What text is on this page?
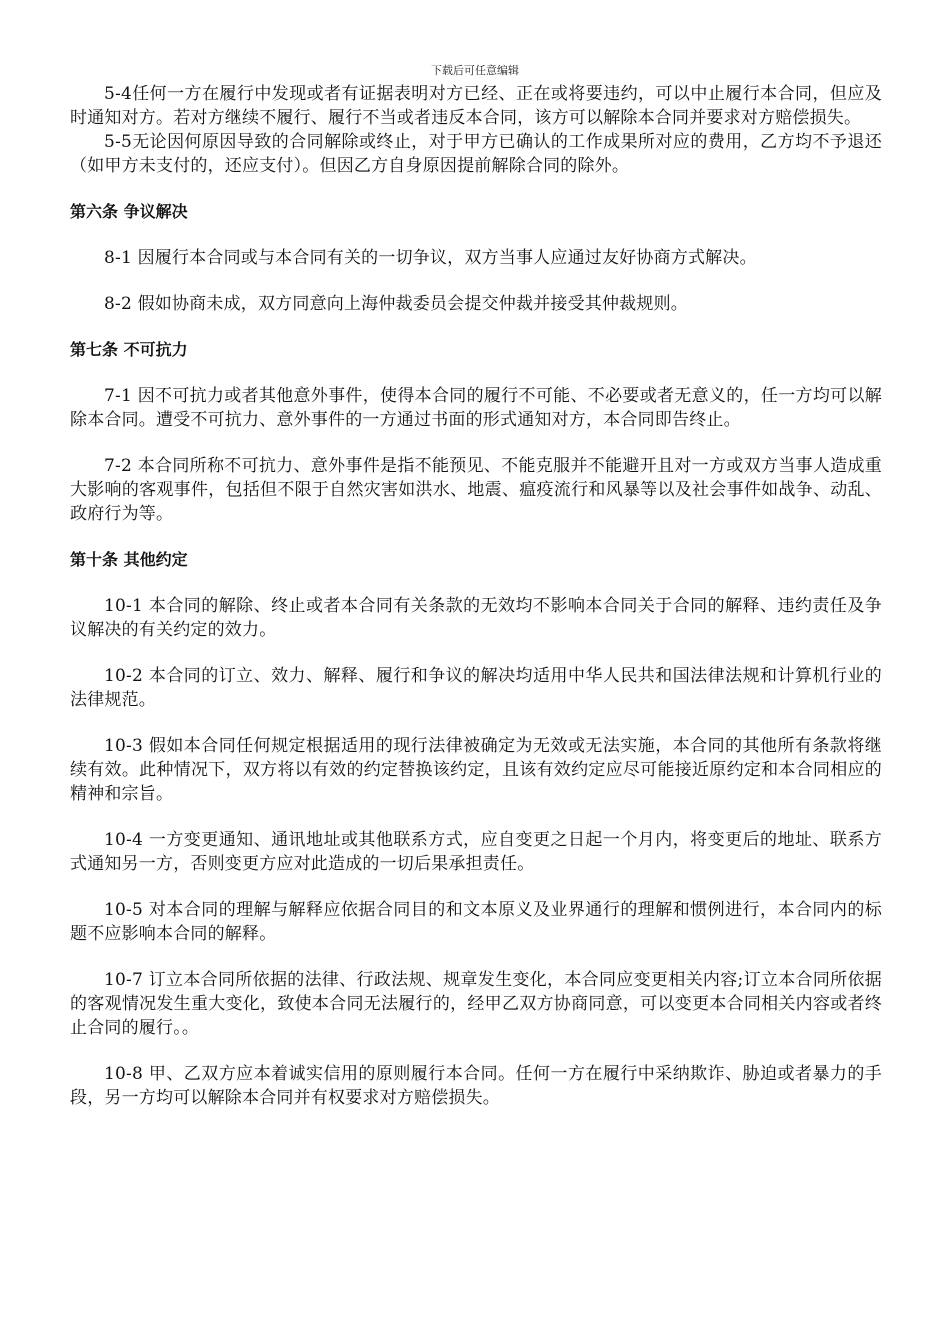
下载后可任意编辑

5-4任何一方在履行中发现或者有证据表明对方已经、正在或将要违约，可以中止履行本合同，但应及时通知对方。若对方继续不履行、履行不当或者违反本合同，该方可以解除本合同并要求对方赔偿损失。

5-5无论因何原因导致的合同解除或终止，对于甲方已确认的工作成果所对应的费用，乙方均不予退还（如甲方未支付的，还应支付）。但因乙方自身原因提前解除合同的除外。

第六条 争议解决

8-1 因履行本合同或与本合同有关的一切争议，双方当事人应通过友好协商方式解决。

8-2 假如协商未成，双方同意向上海仲裁委员会提交仲裁并接受其仲裁规则。

第七条 不可抗力

7-1 因不可抗力或者其他意外事件，使得本合同的履行不可能、不必要或者无意义的，任一方均可以解除本合同。遭受不可抗力、意外事件的一方通过书面的形式通知对方，本合同即告终止。

7-2 本合同所称不可抗力、意外事件是指不能预见、不能克服并不能避开且对一方或双方当事人造成重大影响的客观事件，包括但不限于自然灾害如洪水、地震、瘟疫流行和风暴等以及社会事件如战争、动乱、政府行为等。

第十条 其他约定

10-1 本合同的解除、终止或者本合同有关条款的无效均不影响本合同关于合同的解释、违约责任及争议解决的有关约定的效力。

10-2 本合同的订立、效力、解释、履行和争议的解决均适用中华人民共和国法律法规和计算机行业的法律规范。

10-3 假如本合同任何规定根据适用的现行法律被确定为无效或无法实施，本合同的其他所有条款将继续有效。此种情况下，双方将以有效的约定替换该约定，且该有效约定应尽可能接近原约定和本合同相应的精神和宗旨。

10-4 一方变更通知、通讯地址或其他联系方式，应自变更之日起一个月内，将变更后的地址、联系方式通知另一方，否则变更方应对此造成的一切后果承担责任。

10-5 对本合同的理解与解释应依据合同目的和文本原义及业界通行的理解和惯例进行，本合同内的标题不应影响本合同的解释。

10-7 订立本合同所依据的法律、行政法规、规章发生变化，本合同应变更相关内容;订立本合同所依据的客观情况发生重大变化，致使本合同无法履行的，经甲乙双方协商同意，可以变更本合同相关内容或者终止合同的履行。。

10-8 甲、乙双方应本着诚实信用的原则履行本合同。任何一方在履行中采纳欺诈、胁迫或者暴力的手段，另一方均可以解除本合同并有权要求对方赔偿损失。
